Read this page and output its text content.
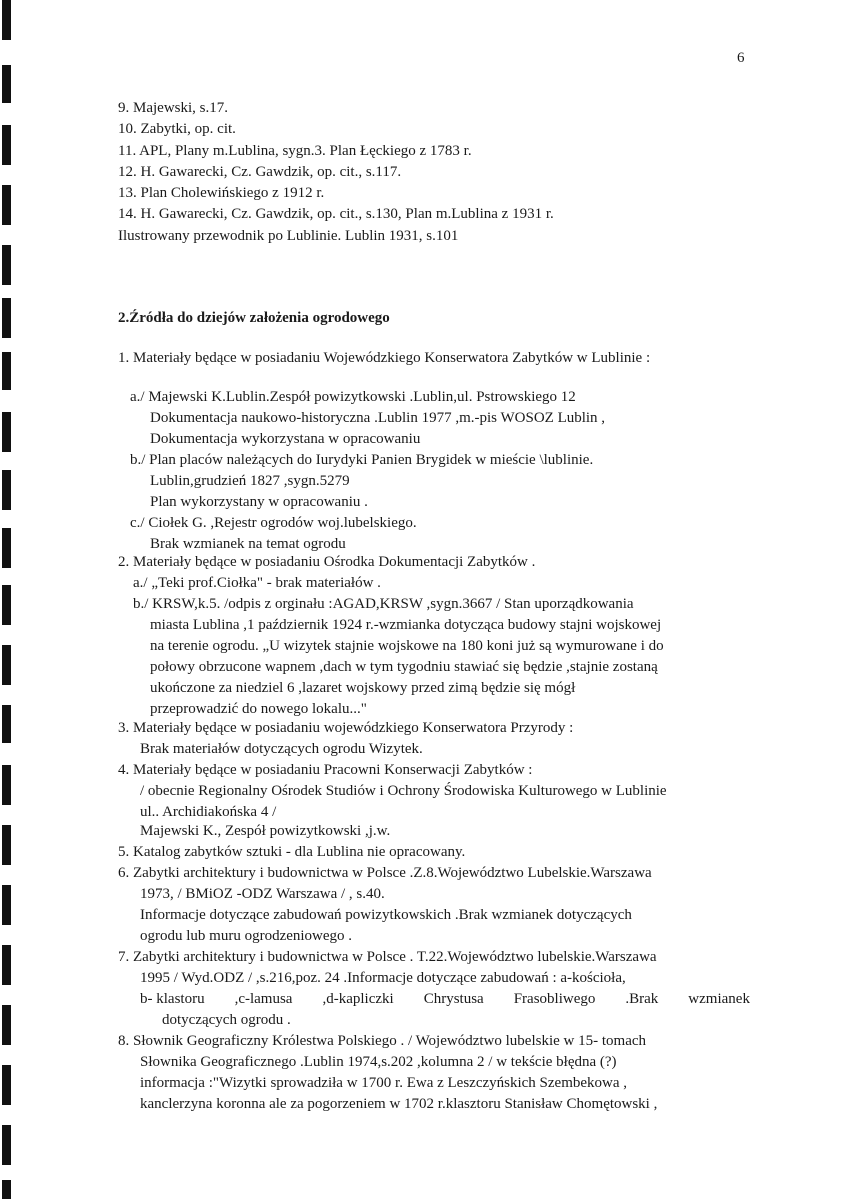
6
9. Majewski, s.17.
10. Zabytki, op. cit.
11. APL, Plany m.Lublina, sygn.3. Plan Łęckiego z 1783 r.
12. H. Gawarecki, Cz. Gawdzik, op. cit., s.117.
13. Plan Cholewińskiego z 1912 r.
14. H. Gawarecki, Cz. Gawdzik, op. cit., s.130, Plan m.Lublina z 1931 r.
Ilustrowany przewodnik po Lublinie. Lublin 1931, s.101
2.Źródła do dziejów założenia ogrodowego
1. Materiały będące w posiadaniu Wojewódzkiego Konserwatora Zabytków w Lublinie :
a./ Majewski K.Lublin.Zespół powizytkowski .Lublin,ul. Pstrowskiego 12
Dokumentacja naukowo-historyczna .Lublin 1977 ,m.-pis WOSOZ Lublin ,
Dokumentacja wykorzystana w opracowaniu
b./ Plan placów należących do Iurydyki Panien Brygidek w mieście \lublinie.
Lublin,grudzień 1827 ,sygn.5279
Plan wykorzystany w opracowaniu .
c./ Ciołek G. ,Rejestr ogrodów woj.lubelskiego.
Brak wzmianek na temat ogrodu
2. Materiały będące w posiadaniu Ośrodka Dokumentacji Zabytków .
a./ „Teki prof.Ciołka" - brak materiałów .
b./ KRSW,k.5. /odpis z orginału :AGAD,KRSW ,sygn.3667 / Stan uporządkowania
miasta Lublina ,1 październik 1924 r.-wzmianka dotycząca budowy stajni wojskowej
na terenie ogrodu. „U wizytek stajnie wojskowe na 180 koni już są wymurowane i do
połowy obrzucone wapnem ,dach w tym tygodniu stawiać się będzie ,stajnie zostaną
ukończone za niedziel 6 ,lazaret wojskowy przed zimą będzie się mógł
przeprowadzić do nowego lokalu..."
3. Materiały będące w posiadaniu wojewódzkiego Konserwatora Przyrody :
Brak materiałów dotyczących ogrodu Wizytek.
4. Materiały będące w posiadaniu Pracowni Konserwacji Zabytków :
/ obecnie Regionalny Ośrodek Studiów i Ochrony Środowiska Kulturowego w Lublinie
ul.. Archidiakońska 4 /
Majewski K., Zespół powizytkowski ,j.w.
5. Katalog zabytków sztuki - dla Lublina nie opracowany.
6. Zabytki architektury i budownictwa w Polsce .Z.8.Województwo Lubelskie.Warszawa
1973, / BMiOZ -ODZ Warszawa / , s.40.
Informacje dotyczące zabudowań powizytkowskich .Brak wzmianek dotyczących
ogrodu lub muru ogrodzeniowego .
7. Zabytki architektury i budownictwa w Polsce . T.22.Województwo lubelskie.Warszawa
1995 / Wyd.ODZ / ,s.216,poz. 24 .Informacje dotyczące zabudowań : a-kościoła,
b- klastoru ,c-lamusa ,d-kapliczki Chrystusa Frasobliwego .Brak wzmianek
dotyczących ogrodu .
8. Słownik Geograficzny Królestwa Polskiego . / Województwo lubelskie w 15- tomach
Słownika Geograficznego .Lublin 1974,s.202 ,kolumna 2 / w tekście błędna (?)
informacja :"Wizytki sprowadziła w 1700 r. Ewa z Leszczyńskich Szembekowa ,
kanclerzyna koronna ale za pogorzeniem w 1702 r.klasztoru Stanisław Chomętowski ,
